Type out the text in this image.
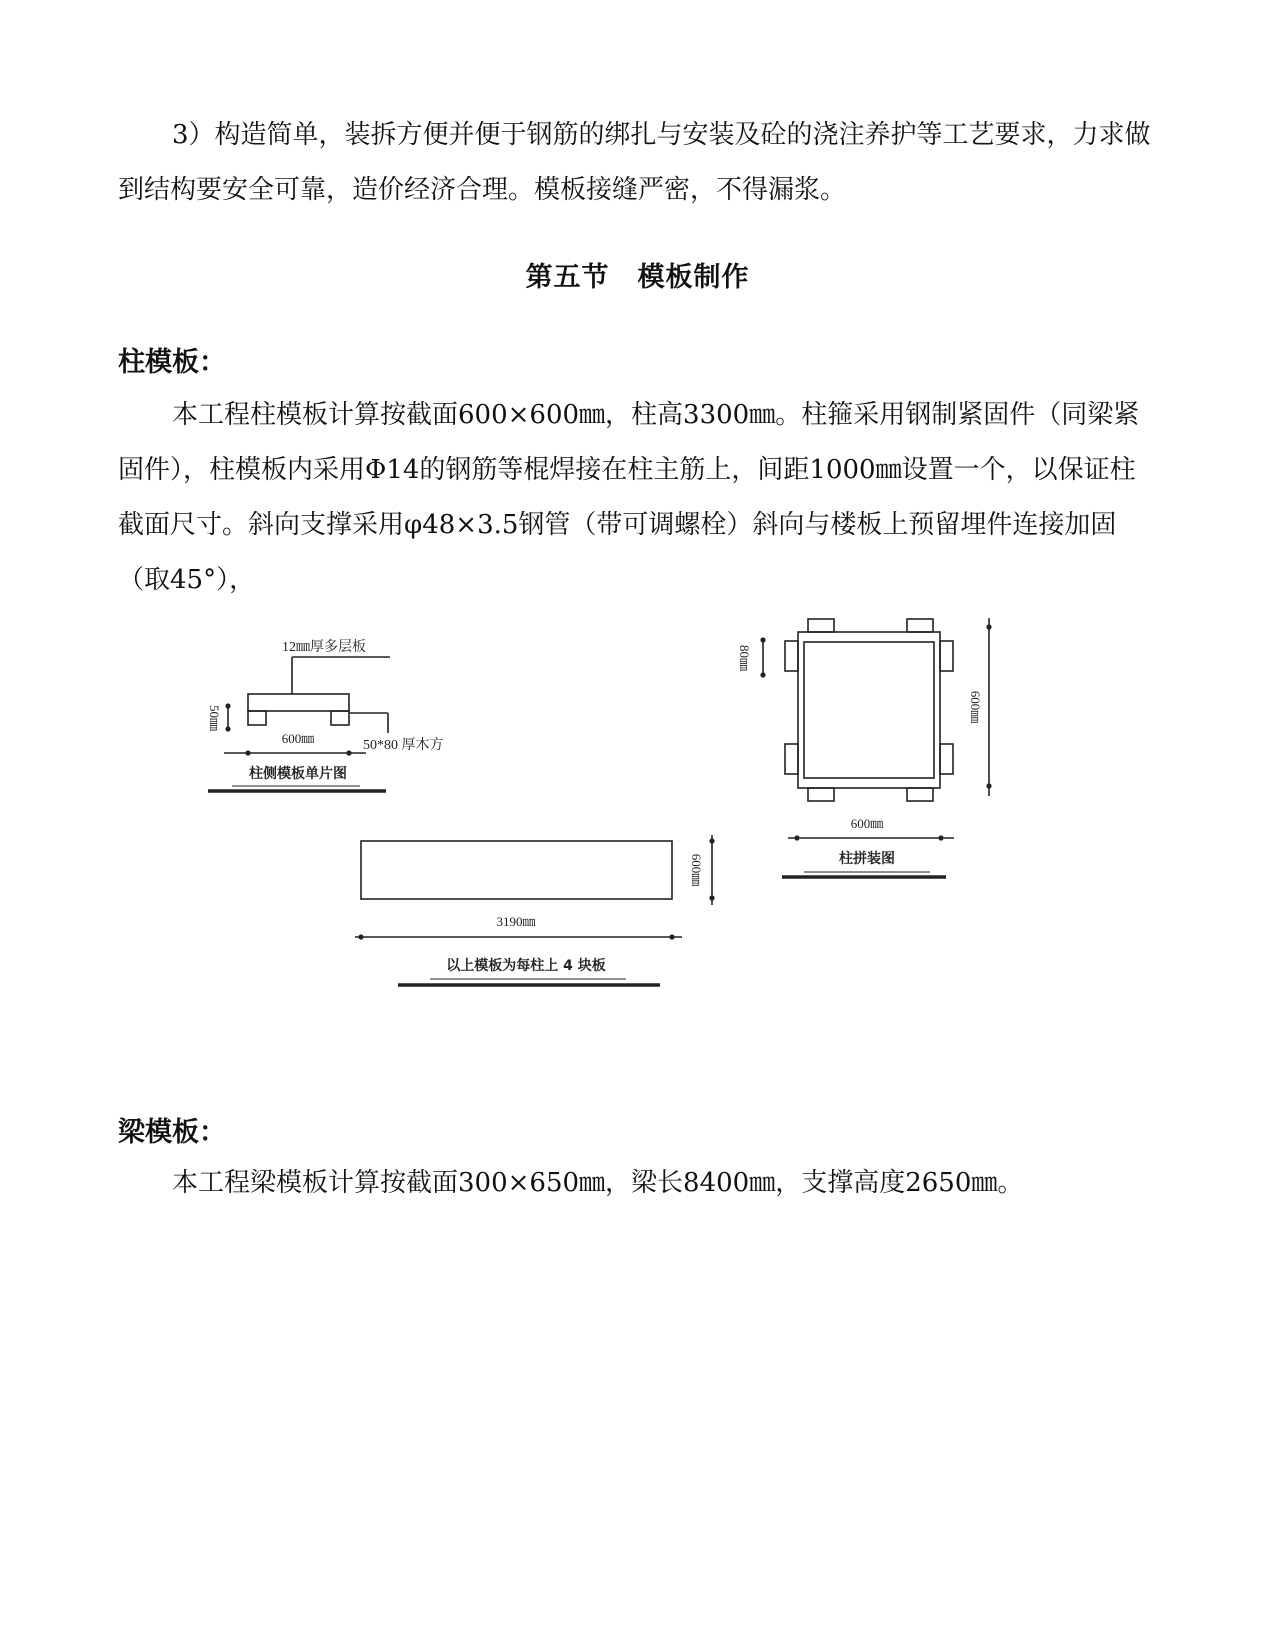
3）构造简单，装拆方便并便于钢筋的绑扎与安装及砼的浇注养护等工艺要求，力求做到结构要安全可靠，造价经济合理。模板接缝严密，不得漏浆。

第五节　模板制作
柱模板：

本工程柱模板计算按截面600×600㎜，柱高3300㎜。柱箍采用钢制紧固件（同梁紧固件），柱模板内采用Φ14的钢筋等棍焊接在柱主筋上，间距1000㎜设置一个，以保证柱截面尺寸。斜向支撑采用φ48×3.5钢管（带可调螺栓）斜向与楼板上预留埋件连接加固（取45°），

12㎜厚多层板
50*80 厚木方
50㎜
600㎜
柱侧模板单片图
80㎜
600㎜
600㎜
柱拼装图
600㎜
3190㎜
以上模板为每柱上 4 块板
梁模板：

本工程梁模板计算按截面300×650㎜，梁长8400㎜，支撑高度2650㎜。
